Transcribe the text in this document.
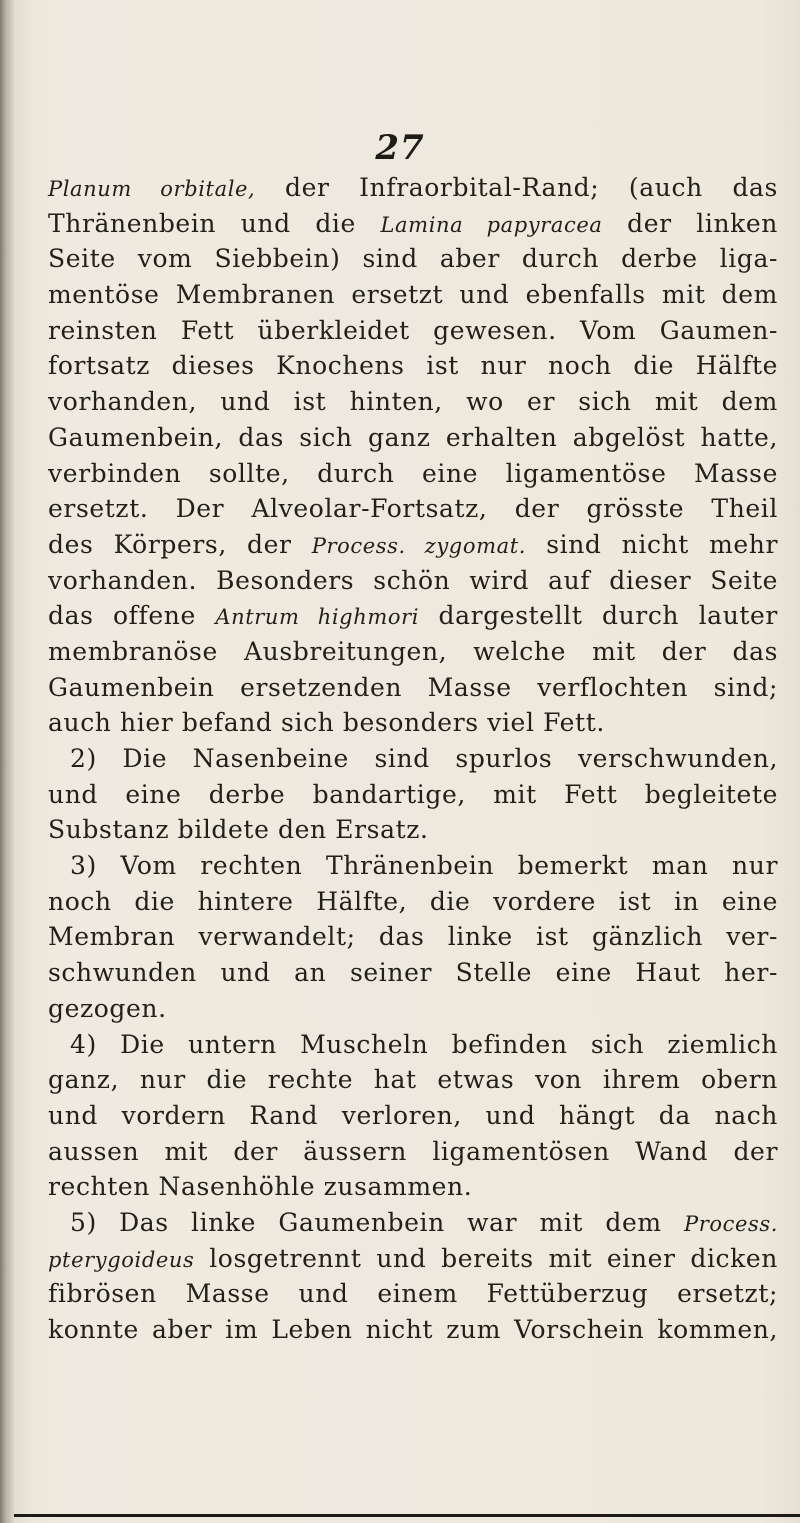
27
Planum orbitale, der Infraorbital-Rand; (auch das
Thränenbein und die Lamina papyracea der linken
Seite vom Siebbein) sind aber durch derbe liga-
mentöse Membranen ersetzt und ebenfalls mit dem
reinsten Fett überkleidet gewesen. Vom Gaumen-
fortsatz dieses Knochens ist nur noch die Hälfte
vorhanden, und ist hinten, wo er sich mit dem
Gaumenbein, das sich ganz erhalten abgelöst hatte,
verbinden sollte, durch eine ligamentöse Masse
ersetzt. Der Alveolar-Fortsatz, der grösste Theil
des Körpers, der Process. zygomat. sind nicht mehr
vorhanden. Besonders schön wird auf dieser Seite
das offene Antrum highmori dargestellt durch lauter
membranöse Ausbreitungen, welche mit der das
Gaumenbein ersetzenden Masse verflochten sind;
auch hier befand sich besonders viel Fett.
2) Die Nasenbeine sind spurlos verschwunden,
und eine derbe bandartige, mit Fett begleitete
Substanz bildete den Ersatz.
3) Vom rechten Thränenbein bemerkt man nur
noch die hintere Hälfte, die vordere ist in eine
Membran verwandelt; das linke ist gänzlich ver-
schwunden und an seiner Stelle eine Haut her-
gezogen.
4) Die untern Muscheln befinden sich ziemlich
ganz, nur die rechte hat etwas von ihrem obern
und vordern Rand verloren, und hängt da nach
aussen mit der äussern ligamentösen Wand der
rechten Nasenhöhle zusammen.
5) Das linke Gaumenbein war mit dem Process.
pterygoideus losgetrennt und bereits mit einer dicken
fibrösen Masse und einem Fettüberzug ersetzt;
konnte aber im Leben nicht zum Vorschein kommen,
